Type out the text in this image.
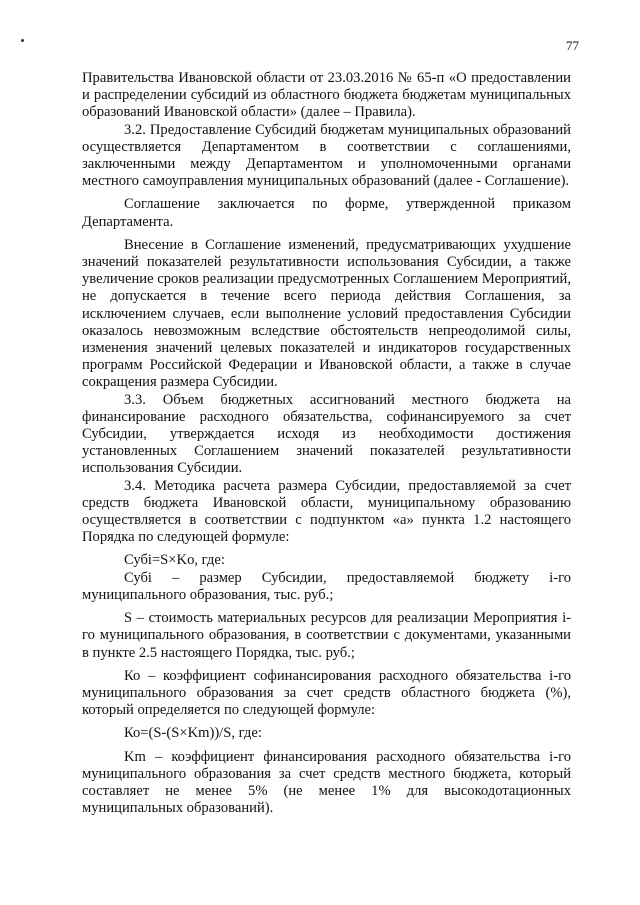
77

Правительства Ивановской области от 23.03.2016 № 65-п «О предоставлении и распределении субсидий из областного бюджета бюджетам муниципальных образований Ивановской области» (далее – Правила).

3.2. Предоставление Субсидий бюджетам муниципальных образований осуществляется Департаментом в соответствии с соглашениями, заключенными между Департаментом и уполномоченными органами местного самоуправления муниципальных образований (далее - Соглашение).

Соглашение заключается по форме, утвержденной приказом Департамента.

Внесение в Соглашение изменений, предусматривающих ухудшение значений показателей результативности использования Субсидии, а также увеличение сроков реализации предусмотренных Соглашением Мероприятий, не допускается в течение всего периода действия Соглашения, за исключением случаев, если выполнение условий предоставления Субсидии оказалось невозможным вследствие обстоятельств непреодолимой силы, изменения значений целевых показателей и индикаторов государственных программ Российской Федерации и Ивановской области, а также в случае сокращения размера Субсидии.

3.3. Объем бюджетных ассигнований местного бюджета на финансирование расходного обязательства, софинансируемого за счет Субсидии, утверждается исходя из необходимости достижения установленных Соглашением значений показателей результативности использования Субсидии.

3.4. Методика расчета размера Субсидии, предоставляемой за счет средств бюджета Ивановской области, муниципальному образованию осуществляется в соответствии с подпунктом «а» пункта 1.2 настоящего Порядка по следующей формуле:

Субi=S×Ko, где:

Субi – размер Субсидии, предоставляемой бюджету i-го муниципального образования, тыс. руб.;

S – стоимость материальных ресурсов для реализации Мероприятия i-го муниципального образования, в соответствии с документами, указанными в пункте 2.5 настоящего Порядка, тыс. руб.;

Ко – коэффициент софинансирования расходного обязательства i-го муниципального образования за счет средств областного бюджета (%), который определяется по следующей формуле:

Ко=(S-(S×Km))/S, где:

Km – коэффициент финансирования расходного обязательства i-го муниципального образования за счет средств местного бюджета, который составляет не менее 5% (не менее 1% для высокодотационных муниципальных образований).
